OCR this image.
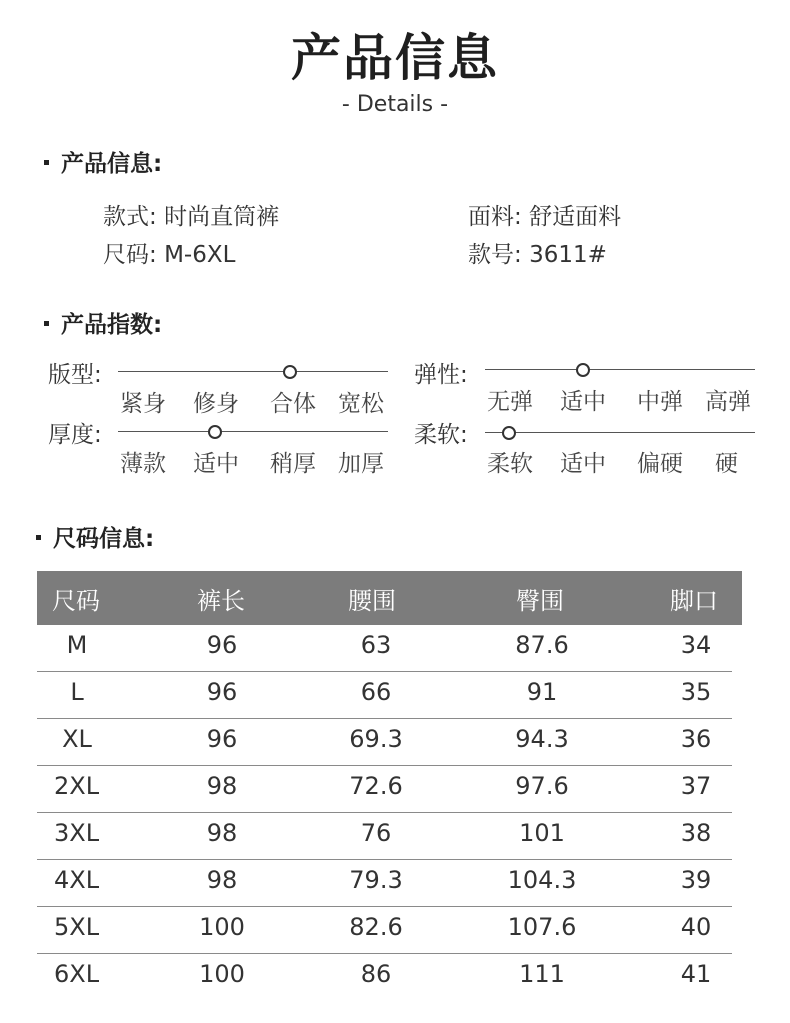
产品信息
- Details -
产品信息:
款式: 时尚直筒裤	面料: 舒适面料
尺码: M-6XL	款号: 3611#
产品指数:
版型:
紧身 修身 合体 宽松
弹性:
无弹 适中 中弹 高弹
厚度:
薄款 适中 稍厚 加厚
柔软:
柔软 适中 偏硬 硬
尺码信息:
尺码	裤长	腰围	臀围	脚口
M	96	63	87.6	34
L	96	66	91	35
XL	96	69.3	94.3	36
2XL	98	72.6	97.6	37
3XL	98	76	101	38
4XL	98	79.3	104.3	39
5XL	100	82.6	107.6	40
6XL	100	86	111	41
